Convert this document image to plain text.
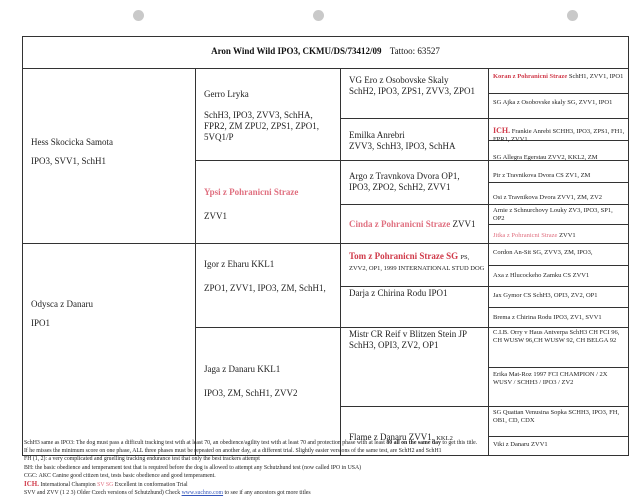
Aron Wind Wild IPO3, CKMU/DS/73412/09 Tattoo: 63527
Hess Skocicka Samota
IPO3, SVV1, SchH1
Odysca z Danaru
IPO1
Gerro Lryka
SchH3, IPO3, ZVV3, SchHA, FPR2, ZM ZPU2, ZPS1, ZPO1, 5VQ1/P
Ypsi z Pohranicni Straze
ZVV1
Igor z Eharu KKL1
ZPO1, ZVV1, IPO3, ZM, SchH1,
Jaga z Danaru KKL1
IPO3, ZM, SchH1, ZVV2
VG Ero z Osobovske Skaly
SchH2, IPO3, ZPS1, ZVV3, ZPO1
Emilka Anrebri
ZVV3, SchH3, IPO3, SchHA
Argo z Travnkova Dvora OP1,
IPO3, ZPO2, SchH2, ZVV1
Cinda z Pohranicni Straze ZVV1
Tom z Pohranicni Straze SG PS, ZVV2, OP1, 1999 INTERNATIONAL STUD DOG
Darja z Chirina Rodu IPO1
Mistr CR Reif v Blitzen Stein JP
SchH3, OPI3, ZV2, OP1
Flame z Danaru ZVV1, KKL2
Koran z Pohranicni Straze SchH1, ZVV1, IPO1
SG Ajka z Osobovske skaly SG, ZVV1, IPO1
ICH. Frankie Anrebi SCHH3, IPO3, ZPS1, FH1, FPR1, ZVV1
SG Allegra Egerstau ZVV2, KKL2, ZM
Pir z Travnikova Dvora CS ZV1, ZM
Osi z Travnikova Dvora ZVV1, ZM, ZV2
Arnie z Schnurchovy Louky ZV3, IPO3, SP1, OP2
Jitka z Pohranicni Straze ZVV1
Cordon An-Sit SG, ZVV3, ZM, IPO3,
Axa z Hlucockeho Zamku CS ZVV1
Jax Gymor CS SchH3, OPI3, ZV2, OP1
Brema z Chirina Rodu IPO3, ZV1, SVV1
C.I.B. Orry v Haus Antverpa SchH3 CH FCI 96, CH WUSW 96,CH WUSW 92, CH BELGA 92
Erika Mat-Roz 1997 FCI CHAMPION / 2X WUSV / SCHH3 / IPO3 / ZV2
SG Quattan Venusina Sopka SCHH3, IPO3, FH, OB1, CD, CDX
Viki z Danaru ZVV1
SchH3 same as IPO3: The dog must pass a difficult tracking test with at least 70, an obedience/agility test with at least 70 and protection phase with at least 80 all on the same day to get this title.
If he misses the minimum score on one phase, ALL three phases must be repeated on another day, at a different trial. Slightly easier versions of the same test, are SchH2 and SchH1
FH (1, 2): a very complicated and gruelling tracking endurance test that only the best trackers attempt
BH: the basic obedience and temperament test that is required before the dog is allowed to attempt any Schutzhund test (now called IPO in USA)
CGC: AKC Canine good citizen test, tests basic obedience and good temperament.
ICH. International Champion SV SG Excellent in conformation Trial
SVV and ZVV (1 2 3) Older Czech versions of Schutzhund) Check www.suchno.com to see if any ancestors got more titles
